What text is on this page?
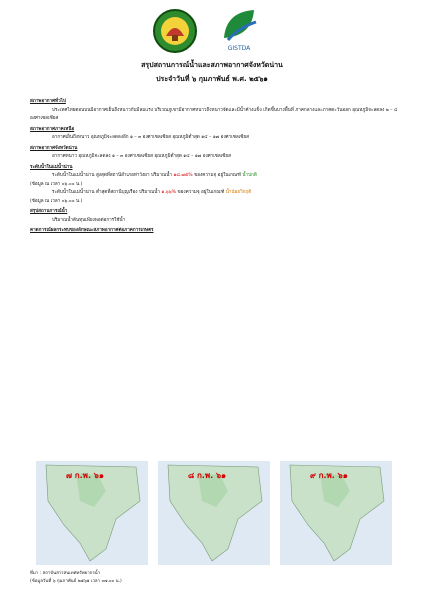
GISTDA
สรุปสถานการณ์น้ำและสภาพอากาศจังหวัดน่าน
ประจำวันที่ ๖ กุมภาพันธ์ พ.ศ. ๒๕๖๑
สภาพอากาศทั่วไป
ประเทศไทยตอนบนมีอากาศเย็นถึงหนาวกับมีลมแรง บริเวณภูเขามีอากาศหนาวถึงหนาวจัดและมีน้ำค้างแข็ง เกิดขึ้นบางพื้นที่ ภาคกลางและภาคตะวันออก อุณหภูมิจะลดลง ๒ – ๔ องศาเซลเซียส
สภาพอากาศภาคเหนือ
อากาศเย็นถึงหนาว อุณหภูมิจะลดลงอีก ๑ – ๓ องศาเซลเซียส อุณหภูมิต่ำสุด ๑๔ – ๑๗ องศาเซลเซียส
สภาพอากาศจังหวัดน่าน
อากาศหนาว อุณหภูมิจะลดลง ๑ – ๓ องศาเซลเซียส อุณหภูมิต่ำสุด ๑๔ – ๑๗ องศาเซลเซียส
ระดับน้ำในแม่น้ำน่าน
ระดับน้ำในแม่น้ำน่าน สูงสุดที่สถานีอำเภอท่าวังผา ปริมาณน้ำ ๑๘.๗๕% ของความจุ อยู่ในเกณฑ์ น้ำปกติ
(ข้อมูล ณ เวลา ๐๖.๐๐ น.)
ระดับน้ำในแม่น้ำน่าน ต่ำสุดที่สถานีบุญเรือง ปริมาณน้ำ ๑.๖๖% ของความจุ อยู่ในเกณฑ์ น้ำน้อยวิกฤติ
(ข้อมูล ณ เวลา ๐๖.๐๐ น.)
สรุปสถานการณ์น้ำ
ปริมาณน้ำต้นทุนเพียงพอต่อการใช้น้ำ
คาดการณ์ผลกระทบของลักษณะสภาพอากาศต่อภาคการเกษตร
๗ ก.พ. ๖๑	๘ ก.พ. ๖๑	๙ ก.พ. ๖๑
ที่มา : สถาบันสารสนเทศทรัพยากรน้ำ
(ข้อมูลวันที่ ๖ กุมภาพันธ์ ๒๕๖๑ เวลา ๐๗.๐๐ น.)
